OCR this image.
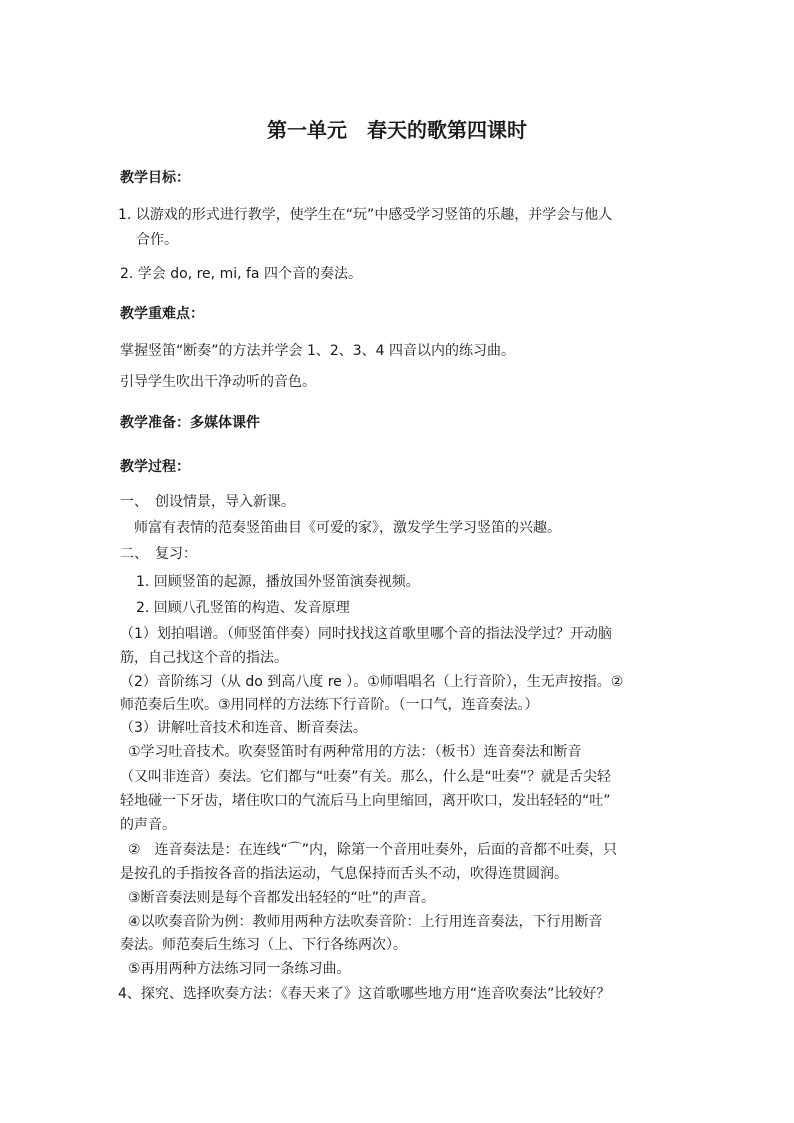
第一单元　春天的歌第四课时
教学目标：
1. 以游戏的形式进行教学，使学生在“玩”中感受学习竖笛的乐趣，并学会与他人
合作。
2. 学会 do, re, mi, fa 四个音的奏法。
教学重难点：
掌握竖笛“断奏”的方法并学会 1、2、3、4 四音以内的练习曲。
引导学生吹出干净动听的音色。
教学准备：多媒体课件
教学过程：
一、　创设情景，导入新课。
　师富有表情的范奏竖笛曲目《可爱的家》，激发学生学习竖笛的兴趣。
二、　复习：
1. 回顾竖笛的起源，播放国外竖笛演奏视频。
2. 回顾八孔竖笛的构造、发音原理
（1）划拍唱谱。（师竖笛伴奏）同时找找这首歌里哪个音的指法没学过？开动脑
筋，自己找这个音的指法。
（2）音阶练习（从 do 到高八度 re ）。①师唱唱名（上行音阶），生无声按指。②
师范奏后生吹。③用同样的方法练下行音阶。（一口气，连音奏法。）
（3）讲解吐音技术和连音、断音奏法。
①学习吐音技术。吹奏竖笛时有两种常用的方法：（板书）连音奏法和断音
（又叫非连音）奏法。它们都与“吐奏”有关。那么，什么是“吐奏”？就是舌尖轻
轻地碰一下牙齿，堵住吹口的气流后马上向里缩回，离开吹口，发出轻轻的“吐”
的声音。
②　连音奏法是：在连线“⌒”内，除第一个音用吐奏外，后面的音都不吐奏，只
是按孔的手指按各音的指法运动，气息保持而舌头不动，吹得连贯圆润。
③断音奏法则是每个音都发出轻轻的“吐”的声音。
④以吹奏音阶为例：教师用两种方法吹奏音阶：上行用连音奏法，下行用断音
奏法。师范奏后生练习（上、下行各练两次）。
⑤再用两种方法练习同一条练习曲。
4、探究、选择吹奏方法：《春天来了》这首歌哪些地方用“连音吹奏法”比较好？
